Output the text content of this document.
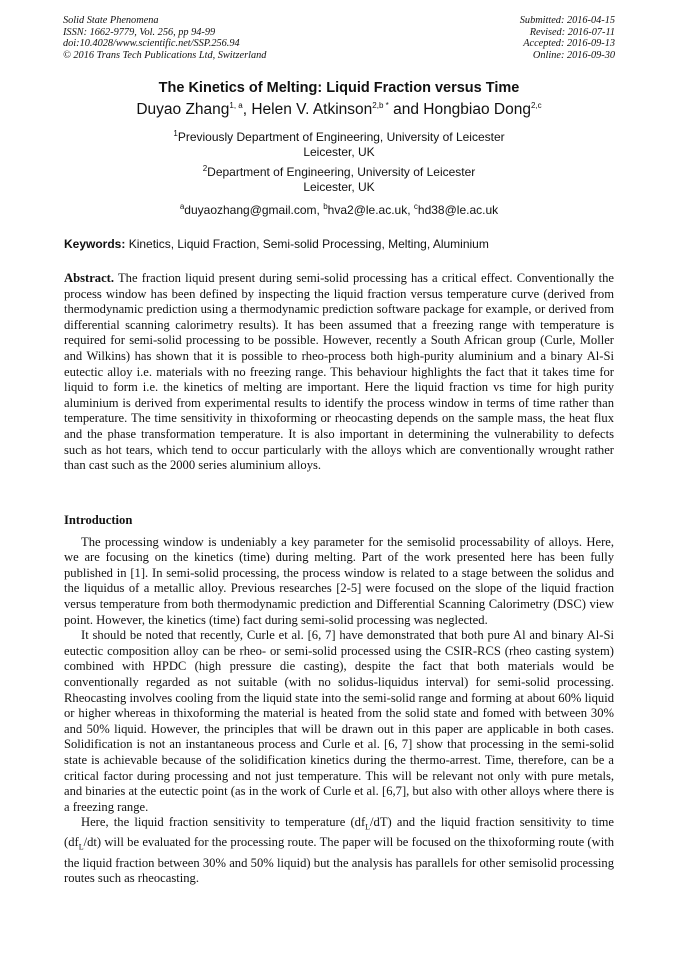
Solid State Phenomena
ISSN: 1662-9779, Vol. 256, pp 94-99
doi:10.4028/www.scientific.net/SSP.256.94
© 2016 Trans Tech Publications Ltd, Switzerland
Submitted: 2016-04-15
Revised: 2016-07-11
Accepted: 2016-09-13
Online: 2016-09-30
The Kinetics of Melting: Liquid Fraction versus Time
Duyao Zhang$^{1, a}$, Helen V. Atkinson$^{2,b *}$ and Hongbiao Dong$^{2,c}$
$^1$Previously Department of Engineering, University of Leicester
Leicester, UK
$^2$Department of Engineering, University of Leicester
Leicester, UK
$^a$duyaozhang@gmail.com, $^b$hva2@le.ac.uk, $^c$hd38@le.ac.uk
Keywords: Kinetics, Liquid Fraction, Semi-solid Processing, Melting, Aluminium

Abstract. The fraction liquid present during semi-solid processing has a critical effect. Conventionally the process window has been defined by inspecting the liquid fraction versus temperature curve (derived from thermodynamic prediction using a thermodynamic prediction software package for example, or derived from differential scanning calorimetry results). It has been assumed that a freezing range with temperature is required for semi-solid processing to be possible. However, recently a South African group (Curle, Moller and Wilkins) has shown that it is possible to rheo-process both high-purity aluminium and a binary Al-Si eutectic alloy i.e. materials with no freezing range. This behaviour highlights the fact that it takes time for liquid to form i.e. the kinetics of melting are important. Here the liquid fraction vs time for high purity aluminium is derived from experimental results to identify the process window in terms of time rather than temperature. The time sensitivity in thixoforming or rheocasting depends on the sample mass, the heat flux and the phase transformation temperature. It is also important in determining the vulnerability to defects such as hot tears, which tend to occur particularly with the alloys which are conventionally wrought rather than cast such as the 2000 series aluminium alloys.

Introduction

The processing window is undeniably a key parameter for the semisolid processability of alloys. Here, we are focusing on the kinetics (time) during melting. Part of the work presented here has been fully published in [1]. In semi-solid processing, the process window is related to a stage between the solidus and the liquidus of a metallic alloy. Previous researches [2-5] were focused on the slope of the liquid fraction versus temperature from both thermodynamic prediction and Differential Scanning Calorimetry (DSC) view point. However, the kinetics (time) fact during semi-solid processing was neglected.

It should be noted that recently, Curle et al. [6, 7] have demonstrated that both pure Al and binary Al-Si eutectic composition alloy can be rheo- or semi-solid processed using the CSIR-RCS (rheo casting system) combined with HPDC (high pressure die casting), despite the fact that both materials would be conventionally regarded as not suitable (with no solidus-liquidus interval) for semi-solid processing. Rheocasting involves cooling from the liquid state into the semi-solid range and forming at about 60% liquid or higher whereas in thixoforming the material is heated from the solid state and fomed with between 30% and 50% liquid. However, the principles that will be drawn out in this paper are applicable in both cases. Solidification is not an instantaneous process and Curle et al. [6, 7] show that processing in the semi-solid state is achievable because of the solidification kinetics during the thermo-arrest. Time, therefore, can be a critical factor during processing and not just temperature. This will be relevant not only with pure metals, and binaries at the eutectic point (as in the work of Curle et al. [6,7], but also with other alloys where there is a freezing range.

Here, the liquid fraction sensitivity to temperature $(df_L/dT)$ and the liquid fraction sensitivity to time $(df_L/dt)$ will be evaluated for the processing route. The paper will be focused on the thixoforming route (with the liquid fraction between 30% and 50% liquid) but the analysis has parallels for other semisolid processing routes such as rheocasting.
